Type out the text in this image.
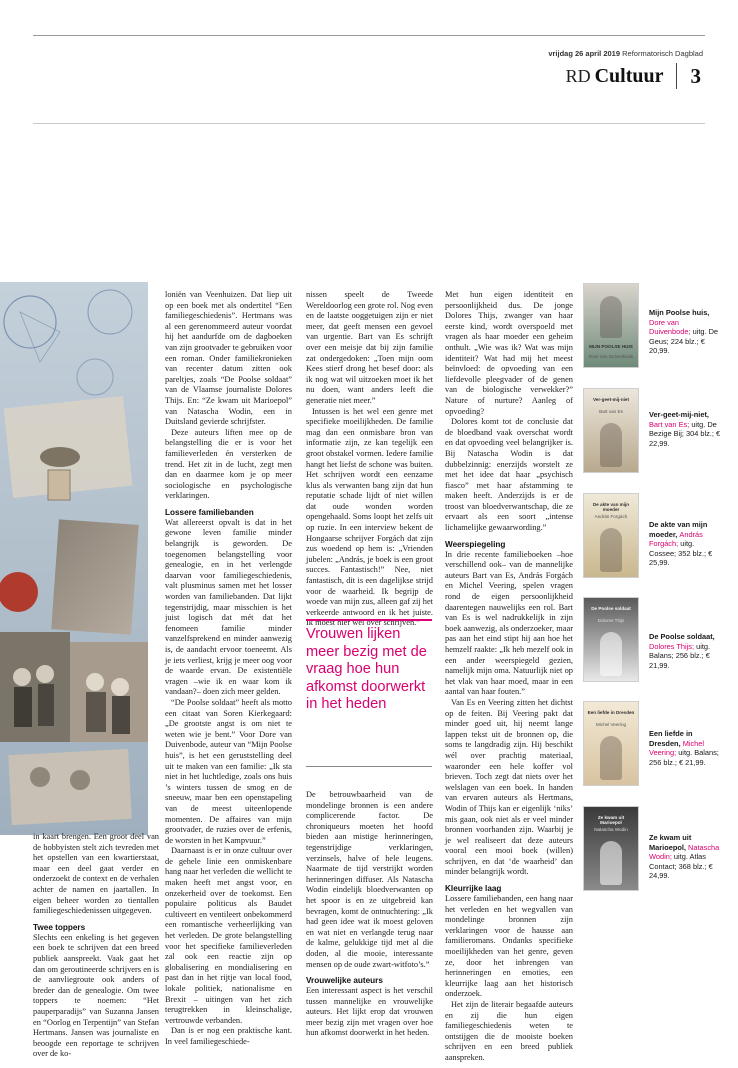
vrijdag 26 april 2019 Reformatorisch Dagblad
RD Cultuur 3

in kaart brengen. Een groot deel van de hobbyisten stelt zich tevreden met het opstellen van een kwartierstaat, maar een deel gaat verder en onderzoekt de context en de verhalen achter de namen en jaartallen. In eigen beheer worden zo tientallen familiegeschiedenissen uitgegeven.

Twee toppers

Slechts een enkeling is het gegeven een boek te schrijven dat een breed publiek aanspreekt. Vaak gaat het dan om geroutineerde schrijvers en is de aanvliegroute ook anders of breder dan de genealogie. Om twee toppers te noemen: “Het pauperparadijs” van Suzanna Jansen en “Oorlog en Terpentijn” van Stefan Hertmans. Jansen was journaliste en beoogde een reportage te schrijven over de ko-

loniën van Veenhuizen. Dat liep uit op een boek met als ondertitel “Een familiegeschiedenis”. Hertmans was al een gerenommeerd auteur voordat hij het aandurfde om de dagboeken van zijn grootvader te gebruiken voor een roman. Onder familiekronieken van recenter datum zitten ook pareltjes, zoals “De Poolse soldaat” van de Vlaamse journaliste Dolores Thijs. En: “Ze kwam uit Marioepol” van Natascha Wodin, een in Duitsland gevierde schrijfster.

Deze auteurs liften mee op de belangstelling die er is voor het familieverleden én versterken de trend. Het zit in de lucht, zegt men dan en daarmee kom je op meer sociologische en psychologische verklaringen.

Lossere familiebanden

Wat allereerst opvalt is dat in het gewone leven familie minder belangrijk is geworden. De toegenomen belangstelling voor genealogie, en in het verlengde daarvan voor familiegeschiedenis, valt plusminus samen met het losser worden van familiebanden. Dat lijkt tegenstrijdig, maar misschien is het juist logisch dat mét dat het fenomeen familie minder vanzelfsprekend en minder aanwezig is, de aandacht ervoor toeneemt. Als je iets verliest, krijg je meer oog voor de waarde ervan. De existentiële vragen –wie ik en waar kom ik vandaan?– doen zich meer gelden.

“De Poolse soldaat” heeft als motto een citaat van Soren Kierkegaard: „De grootste angst is om niet te weten wie je bent.” Voor Dore van Duivenbode, auteur van “Mijn Poolse huis”, is het een geruststelling deel uit te maken van een familie: „Ik sta niet in het luchtledige, zoals ons huis ’s winters tussen de smog en de sneeuw, maar ben een openstapeling van de meest uiteenlopende momenten. De affaires van mijn grootvader, de ruzies over de erfenis, de worsten in het Kampvuur.”

Daarnaast is er in onze cultuur over de gehele linie een onmiskenbare hang naar het verleden die wellicht te maken heeft met angst voor, en onzekerheid over de toekomst. Een populaire politicus als Baudet cultiveert en ventileert onbekommerd een romantische verheerlijking van het verleden. De grote belangstelling voor het specifieke familieverleden zal ook een reactie zijn op globalisering en mondialisering en past dan in het rijtje van local food, lokale politiek, nationalisme en Brexit – uitingen van het zich terugtrekken in kleinschalige, vertrouwde verbanden.

Dan is er nog een praktische kant. In veel familiegeschiede-

nissen speelt de Tweede Wereldoorlog een grote rol. Nog even en de laatste ooggetuigen zijn er niet meer, dat geeft mensen een gevoel van urgentie. Bart van Es schrijft over een meisje dat bij zijn familie zat ondergedoken: „Toen mijn oom Kees stierf drong het besef door: als ik nog wat wil uitzoeken moet ik het nu doen, want anders leeft die generatie niet meer.”

Intussen is het wel een genre met specifieke moeilijkheden. De familie mag dan een onmisbare bron van informatie zijn, ze kan tegelijk een groot obstakel vormen. Iedere familie hangt het liefst de schone was buiten. Het schrijven wordt een eenzame klus als verwanten bang zijn dat hun reputatie schade lijdt of niet willen dat oude wonden worden opengehaald. Soms loopt het zelfs uit op ruzie. In een interview bekent de Hongaarse schrijver Forgách dat zijn zus woedend op hem is: „Vrienden jubelen: „András, je boek is een groot succes. Fantastisch!” Nee, niet fantastisch, dit is een dagelijkse strijd voor de waarheid. Ik begrijp de woede van mijn zus, alleen gaf zij het verkeerde antwoord en ik het juiste. Ik moest hier wel over schrijven.”

Vrouwen lijken meer bezig met de vraag hoe hun afkomst doorwerkt in het heden

De betrouwbaarheid van de mondelinge bronnen is een andere complicerende factor. De chroniqueurs moeten het hoofd bieden aan mistige herinneringen, tegenstrijdige verklaringen, verzinsels, halve of hele leugens. Naarmate de tijd verstrijkt worden herinneringen diffuser. Als Natascha Wodin eindelijk bloedverwanten op het spoor is en ze uitgebreid kan bevragen, komt de ontnuchtering: „Ik had geen idee wat ik moest geloven en wat niet en verlangde terug naar de kalme, gelukkige tijd met al die doden, al die mooie, interessante mensen op de oude zwart-witfoto’s.”

Vrouwelijke auteurs

Een interessant aspect is het verschil tussen mannelijke en vrouwelijke auteurs. Het lijkt erop dat vrouwen meer bezig zijn met vragen over hoe hun afkomst doorwerkt in het heden.

Met hun eigen identiteit en persoonlijkheid dus. De jonge Dolores Thijs, zwanger van haar eerste kind, wordt overspoeld met vragen als haar moeder een geheim onthult. „Wie was ik? Wat was mijn identiteit? Wat had mij het meest beïnvloed: de opvoeding van een liefdevolle pleegvader of de genen van de biologische verwekker?” Nature of nurture? Aanleg of opvoeding?

Dolores komt tot de conclusie dat de bloedband vaak overschat wordt en dat opvoeding veel belangrijker is. Bij Natascha Wodin is dat dubbelzinnig: enerzijds worstelt ze met het idee dat haar „psychisch fiasco” met haar afstamming te maken heeft. Anderzijds is er de troost van bloedverwantschap, die ze ervaart als een soort „intense lichamelijke gewaarwording.”

Weerspiegeling

In drie recente familieboeken –hoe verschillend ook– van de mannelijke auteurs Bart van Es, András Forgách en Michel Veering, spelen vragen rond de eigen persoonlijkheid daarentegen nauwelijks een rol. Bart van Es is wel nadrukkelijk in zijn boek aanwezig, als onderzoeker, maar pas aan het eind stipt hij aan hoe het hemzelf raakte: „Ik heb mezelf ook in een ander weerspiegeld gezien, namelijk mijn oma. Natuurlijk niet op het vlak van haar moed, maar in een aantal van haar fouten.”

Van Es en Veering zitten het dichtst op de feiten. Bij Veering pakt dat minder goed uit, hij neemt lange lappen tekst uit de bronnen op, die soms te langdradig zijn. Hij beschikt wél over prachtig materiaal, waaronder een hele koffer vol brieven. Toch zegt dat niets over het welslagen van een boek. In handen van ervaren auteurs als Hertmans, Wodin of Thijs kan er eigenlijk ‘niks’ mis gaan, ook niet als er veel minder bronnen voorhanden zijn. Waarbij je je wel realiseert dat deze auteurs vooral een mooi boek (willen) schrijven, en dat ‘de waarheid’ dan minder belangrijk wordt.

Kleurrijke laag

Lossere familiebanden, een hang naar het verleden en het wegvallen van mondelinge bronnen zijn verklaringen voor de hausse aan familieromans. Ondanks specifieke moeilijkheden van het genre, geven ze, door het inbrengen van herinneringen en emoties, een kleurrijke laag aan het historisch onderzoek.

Het zijn de literair begaafde auteurs en zij die hun eigen familiegeschiedenis weten te ontstijgen die de mooiste boeken schrijven en een breed publiek aanspreken.

MIJN POOLSE HUIS
Dore van Duivenbode
Mijn Poolse huis, Dore van Duivenbode; uitg. De Geus; 224 blz.; € 20,99.
Ver-geet-mij-niet
Bart van Es	Ver-geet-mij-niet, Bart van Es; uitg. De Bezige Bij; 304 blz.; € 22,99.
De akte van mijn moeder
András Forgách
De akte van mijn moeder, András Forgách; uitg. Cossee; 352 blz.; € 25,99.
De Poolse soldaat
Dolores Thijs
De Poolse soldaat, Dolores Thijs; uitg. Balans; 256 blz.; € 21,99.
Een liefde in Dresden
Michel Veering
Een liefde in Dresden, Michel Veering; uitg. Balans; 256 blz.; € 21,99.
Ze kwam uit Marioepol
Natascha Wodin
Ze kwam uit Marioepol, Natascha Wodin; uitg. Atlas Contact; 368 blz.; € 24,99.
